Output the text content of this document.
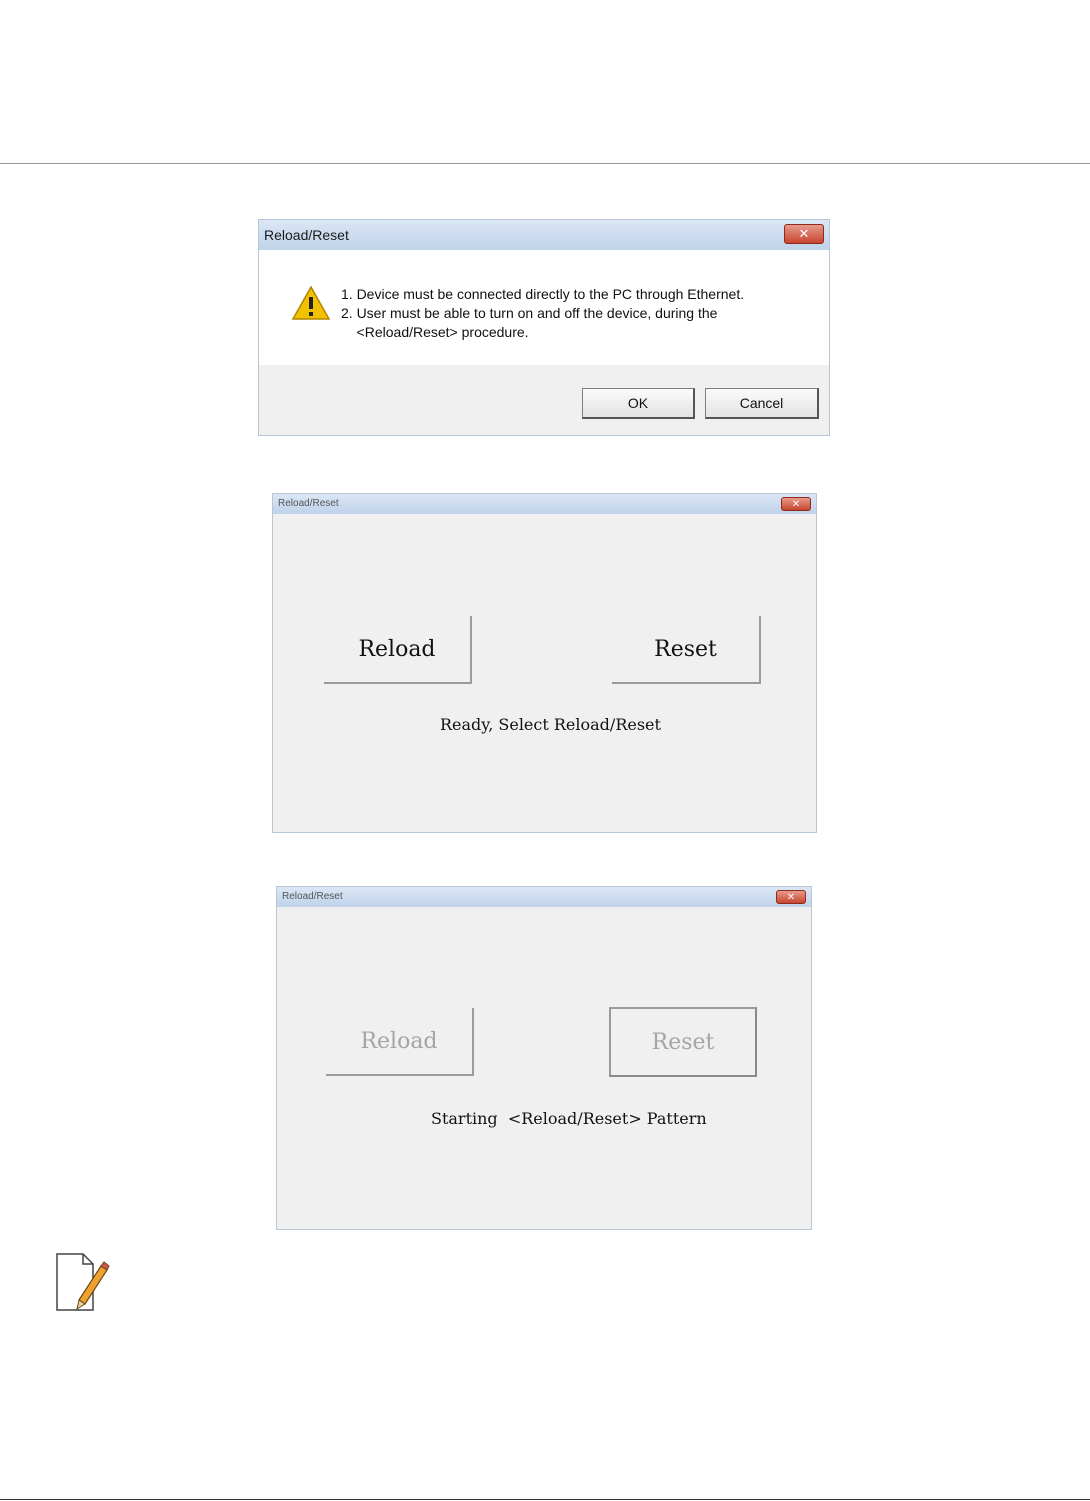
Reload/Reset	✕
1. Device must be connected directly to the PC through Ethernet.
2. User must be able to turn on and off the device, during the
<Reload/Reset> procedure.
OK	Cancel
Reload/Reset	✕
Reload	Reset
Ready, Select Reload/Reset
Reload/Reset	✕
Reload	Reset
Starting  <Reload/Reset> Pattern
